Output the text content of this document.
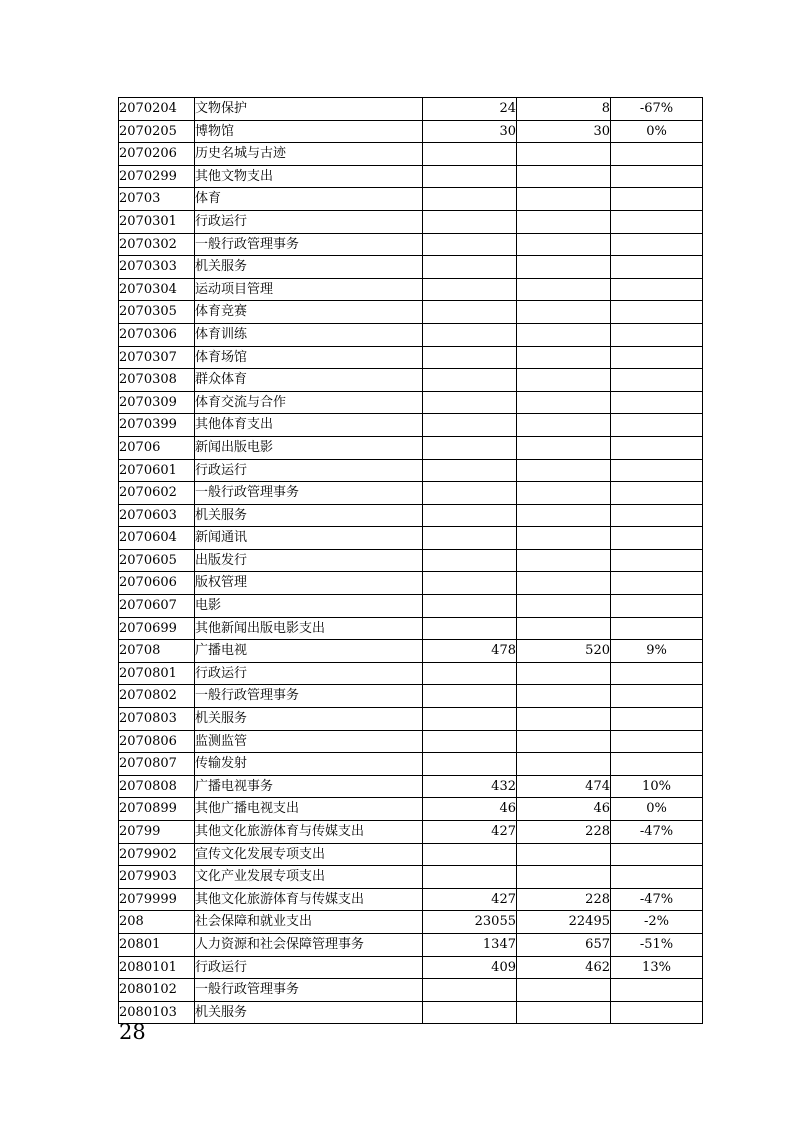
2070204	文物保护	24	8	-67%
2070205	博物馆	30	30	0%
2070206	历史名城与古迹			
2070299	其他文物支出			
20703	体育			
2070301	行政运行			
2070302	一般行政管理事务			
2070303	机关服务			
2070304	运动项目管理			
2070305	体育竞赛			
2070306	体育训练			
2070307	体育场馆			
2070308	群众体育			
2070309	体育交流与合作			
2070399	其他体育支出			
20706	新闻出版电影			
2070601	行政运行			
2070602	一般行政管理事务			
2070603	机关服务			
2070604	新闻通讯			
2070605	出版发行			
2070606	版权管理			
2070607	电影			
2070699	其他新闻出版电影支出			
20708	广播电视	478	520	9%
2070801	行政运行			
2070802	一般行政管理事务			
2070803	机关服务			
2070806	监测监管			
2070807	传输发射			
2070808	广播电视事务	432	474	10%
2070899	其他广播电视支出	46	46	0%
20799	其他文化旅游体育与传媒支出	427	228	-47%
2079902	宣传文化发展专项支出			
2079903	文化产业发展专项支出			
2079999	其他文化旅游体育与传媒支出	427	228	-47%
208	社会保障和就业支出	23055	22495	-2%
20801	人力资源和社会保障管理事务	1347	657	-51%
2080101	行政运行	409	462	13%
2080102	一般行政管理事务			
2080103	机关服务			
28
